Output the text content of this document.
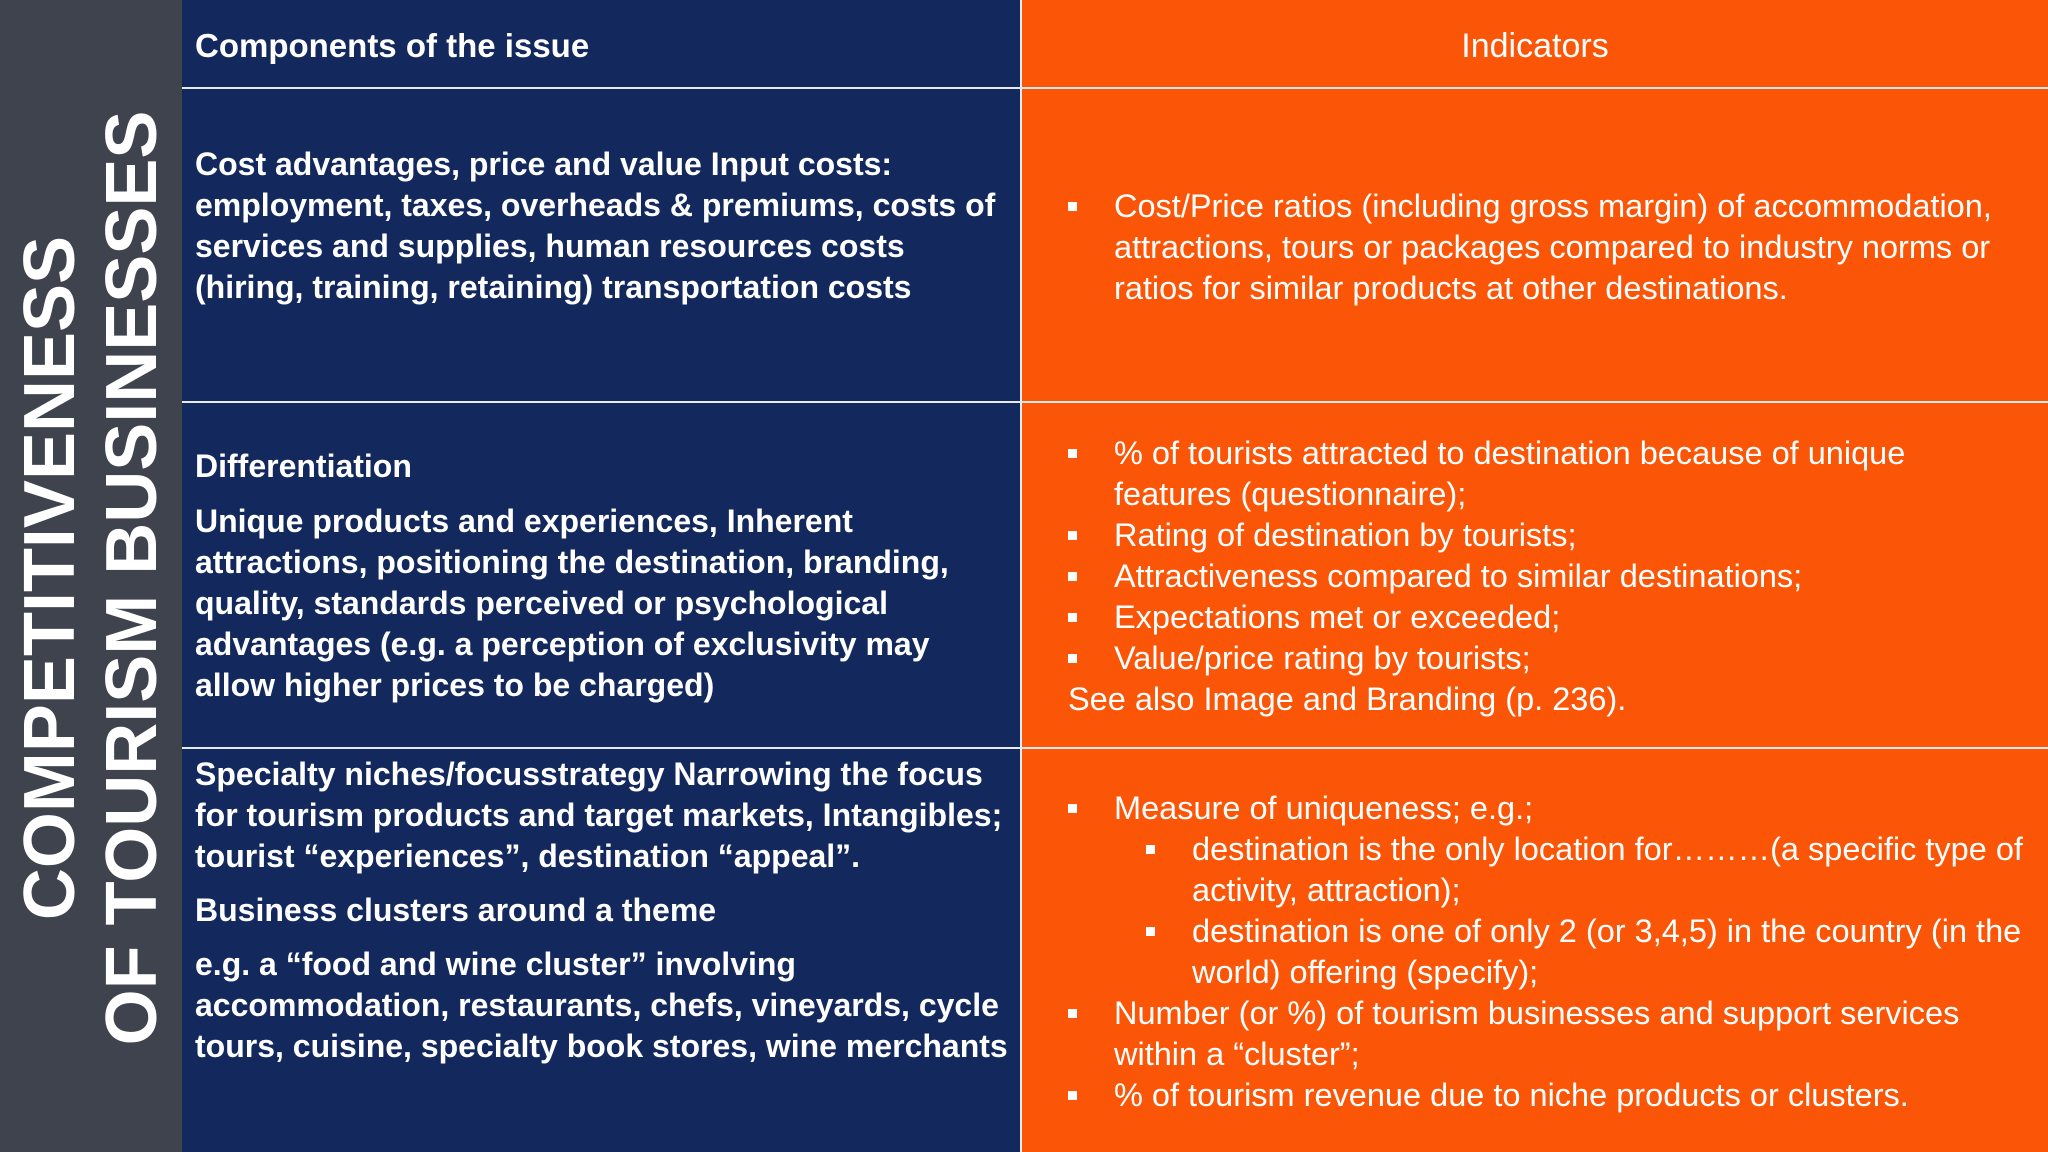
COMPETITIVENESS OF TOURISM BUSINESSES
Components of the issue	Indicators

Cost advantages, price and value Input costs: employment, taxes, overheads & premiums, costs of services and supplies, human resources costs (hiring, training, retaining) transportation costs

Cost/Price ratios (including gross margin) of accommodation, attractions, tours or packages compared to industry norms or ratios for similar products at other destinations.

Differentiation

Unique products and experiences, Inherent attractions, positioning the destination, branding, quality, standards perceived or psychological advantages (e.g. a perception of exclusivity may allow higher prices to be charged)

% of tourists attracted to destination because of unique features (questionnaire);
Rating of destination by tourists;
Attractiveness compared to similar destinations;
Expectations met or exceeded;
Value/price rating by tourists;
See also Image and Branding (p. 236).

Specialty niches/focusstrategy Narrowing the focus for tourism products and target markets, Intangibles; tourist “experiences”, destination “appeal”.

Business clusters around a theme

e.g. a “food and wine cluster” involving accommodation, restaurants, chefs, vineyards, cycle tours, cuisine, specialty book stores, wine merchants

Measure of uniqueness; e.g.;
destination is the only location for………(a specific type of activity, attraction);
destination is one of only 2 (or 3,4,5) in the country (in the world) offering (specify);
Number (or %) of tourism businesses and support services within a “cluster”;
% of tourism revenue due to niche products or clusters.
